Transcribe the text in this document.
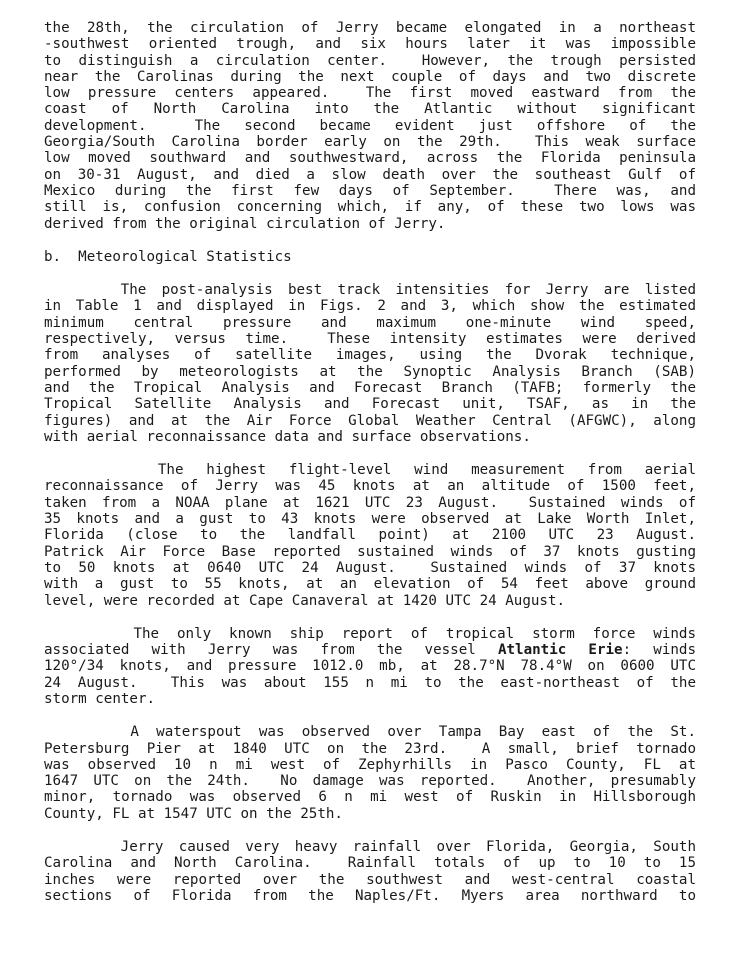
the 28th, the circulation of Jerry became elongated in a northeast
-southwest oriented trough, and six hours later it was impossible
to distinguish a circulation center.  However, the trough persisted
near the Carolinas during the next couple of days and two discrete
low pressure centers appeared.  The first moved eastward from the
coast of North Carolina into the Atlantic without significant
development.  The second became evident just offshore of the
Georgia/South Carolina border early on the 29th.  This weak surface
low moved southward and southwestward, across the Florida peninsula
on 30-31 August, and died a slow death over the southeast Gulf of
Mexico during the first few days of September.  There was, and
still is, confusion concerning which, if any, of these two lows was
derived from the original circulation of Jerry.
b.  Meteorological Statistics
The post-analysis best track intensities for Jerry are listed
in Table 1 and displayed in Figs. 2 and 3, which show the estimated
minimum central pressure and maximum one-minute wind speed,
respectively, versus time.  These intensity estimates were derived
from analyses of satellite images, using the Dvorak technique,
performed by meteorologists at the Synoptic Analysis Branch (SAB)
and the Tropical Analysis and Forecast Branch (TAFB; formerly the
Tropical Satellite Analysis and Forecast unit, TSAF, as in the
figures) and at the Air Force Global Weather Central (AFGWC), along
with aerial reconnaissance data and surface observations.
The highest flight-level wind measurement from aerial
reconnaissance of Jerry was 45 knots at an altitude of 1500 feet,
taken from a NOAA plane at 1621 UTC 23 August.  Sustained winds of
35 knots and a gust to 43 knots were observed at Lake Worth Inlet,
Florida (close to the landfall point) at 2100 UTC 23 August.
Patrick Air Force Base reported sustained winds of 37 knots gusting
to 50 knots at 0640 UTC 24 August.  Sustained winds of 37 knots
with a gust to 55 knots, at an elevation of 54 feet above ground
level, were recorded at Cape Canaveral at 1420 UTC 24 August.
The only known ship report of tropical storm force winds
associated with Jerry was from the vessel Atlantic Erie: winds
120°/34 knots, and pressure 1012.0 mb, at 28.7°N 78.4°W on 0600 UTC
24 August.  This was about 155 n mi to the east-northeast of the
storm center.
A waterspout was observed over Tampa Bay east of the St.
Petersburg Pier at 1840 UTC on the 23rd.  A small, brief tornado
was observed 10 n mi west of Zephyrhills in Pasco County, FL at
1647 UTC on the 24th.  No damage was reported.  Another, presumably
minor, tornado was observed 6 n mi west of Ruskin in Hillsborough
County, FL at 1547 UTC on the 25th.
Jerry caused very heavy rainfall over Florida, Georgia, South
Carolina and North Carolina.  Rainfall totals of up to 10 to 15
inches were reported over the southwest and west-central coastal
sections of Florida from the Naples/Ft. Myers area northward to
